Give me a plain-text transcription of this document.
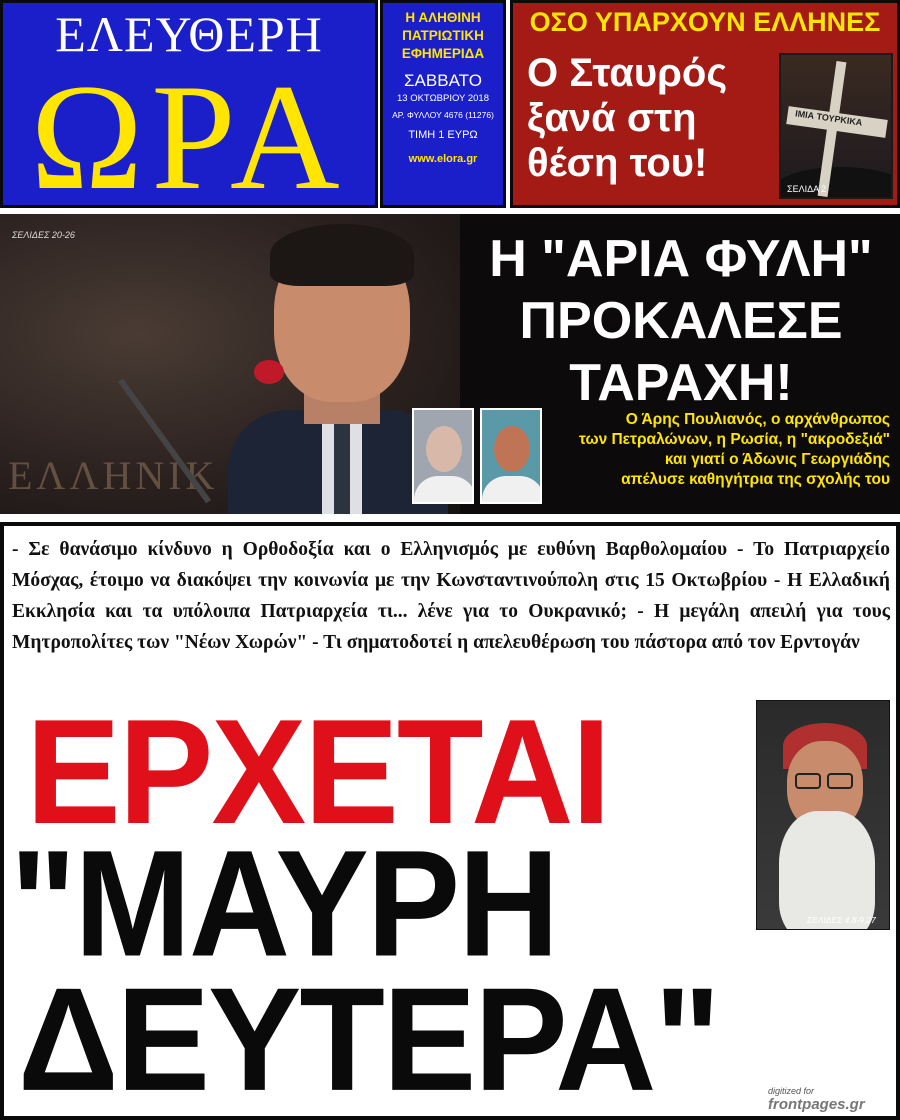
ΕΛΕΥΘΕΡΗ
ΩΡΑ
Η ΑΛΗΘΙΝΗ
ΠΑΤΡΙΩΤΙΚΗ
ΕΦΗΜΕΡΙΔΑ
ΣΑΒΒΑΤΟ
13 ΟΚΤΩΒΡΙΟΥ 2018
ΑΡ. ΦΥΛΛΟΥ 4676 (11276)
ΤΙΜΗ 1 ΕΥΡΩ
www.elora.gr
ΟΣΟ ΥΠΑΡΧΟΥΝ ΕΛΛΗΝΕΣ
Ο Σταυρός
ξανά στη
θέση του!
ΙΜΙΑ ΤΟΥΡΚΙΚΑ
ΣΕΛΙΔΑ 2
ΕΛΛΗΝΙΚ
ΣΕΛΙΔΕΣ 20-26	Η "ΑΡΙΑ ΦΥΛΗ"
ΠΡΟΚΑΛΕΣΕ ΤΑΡΑΧΗ!
Ο Άρης Πουλιανός, ο αρχάνθρωπος
των Πετραλώνων, η Ρωσία, η "ακροδεξιά"
και γιατί ο Άδωνις Γεωργιάδης
απέλυσε καθηγήτρια της σχολής του
- Σε θανάσιμο κίνδυνο η Ορθοδοξία και ο Ελληνισμός με ευθύνη Βαρθολομαίου - Το Πατριαρχείο Μόσχας, έτοιμο να διακόψει την κοινωνία με την Κωνσταντινούπολη στις 15 Οκτωβρίου - Η Ελλαδική Εκκλησία και τα υπόλοιπα Πατριαρχεία τι... λένε για το Ουκρανικό; - Η μεγάλη απειλή για τους Μητροπολίτες των "Νέων Χωρών" - Τι σηματοδοτεί η απελευθέρωση του πάστορα από τον Ερντογάν
ΕΡΧΕΤΑΙ
"ΜΑΥΡΗ
ΔΕΥΤΕΡΑ"
ΣΕΛΙΔΕΣ 4,8-9,27
digitized for
frontpages.gr
